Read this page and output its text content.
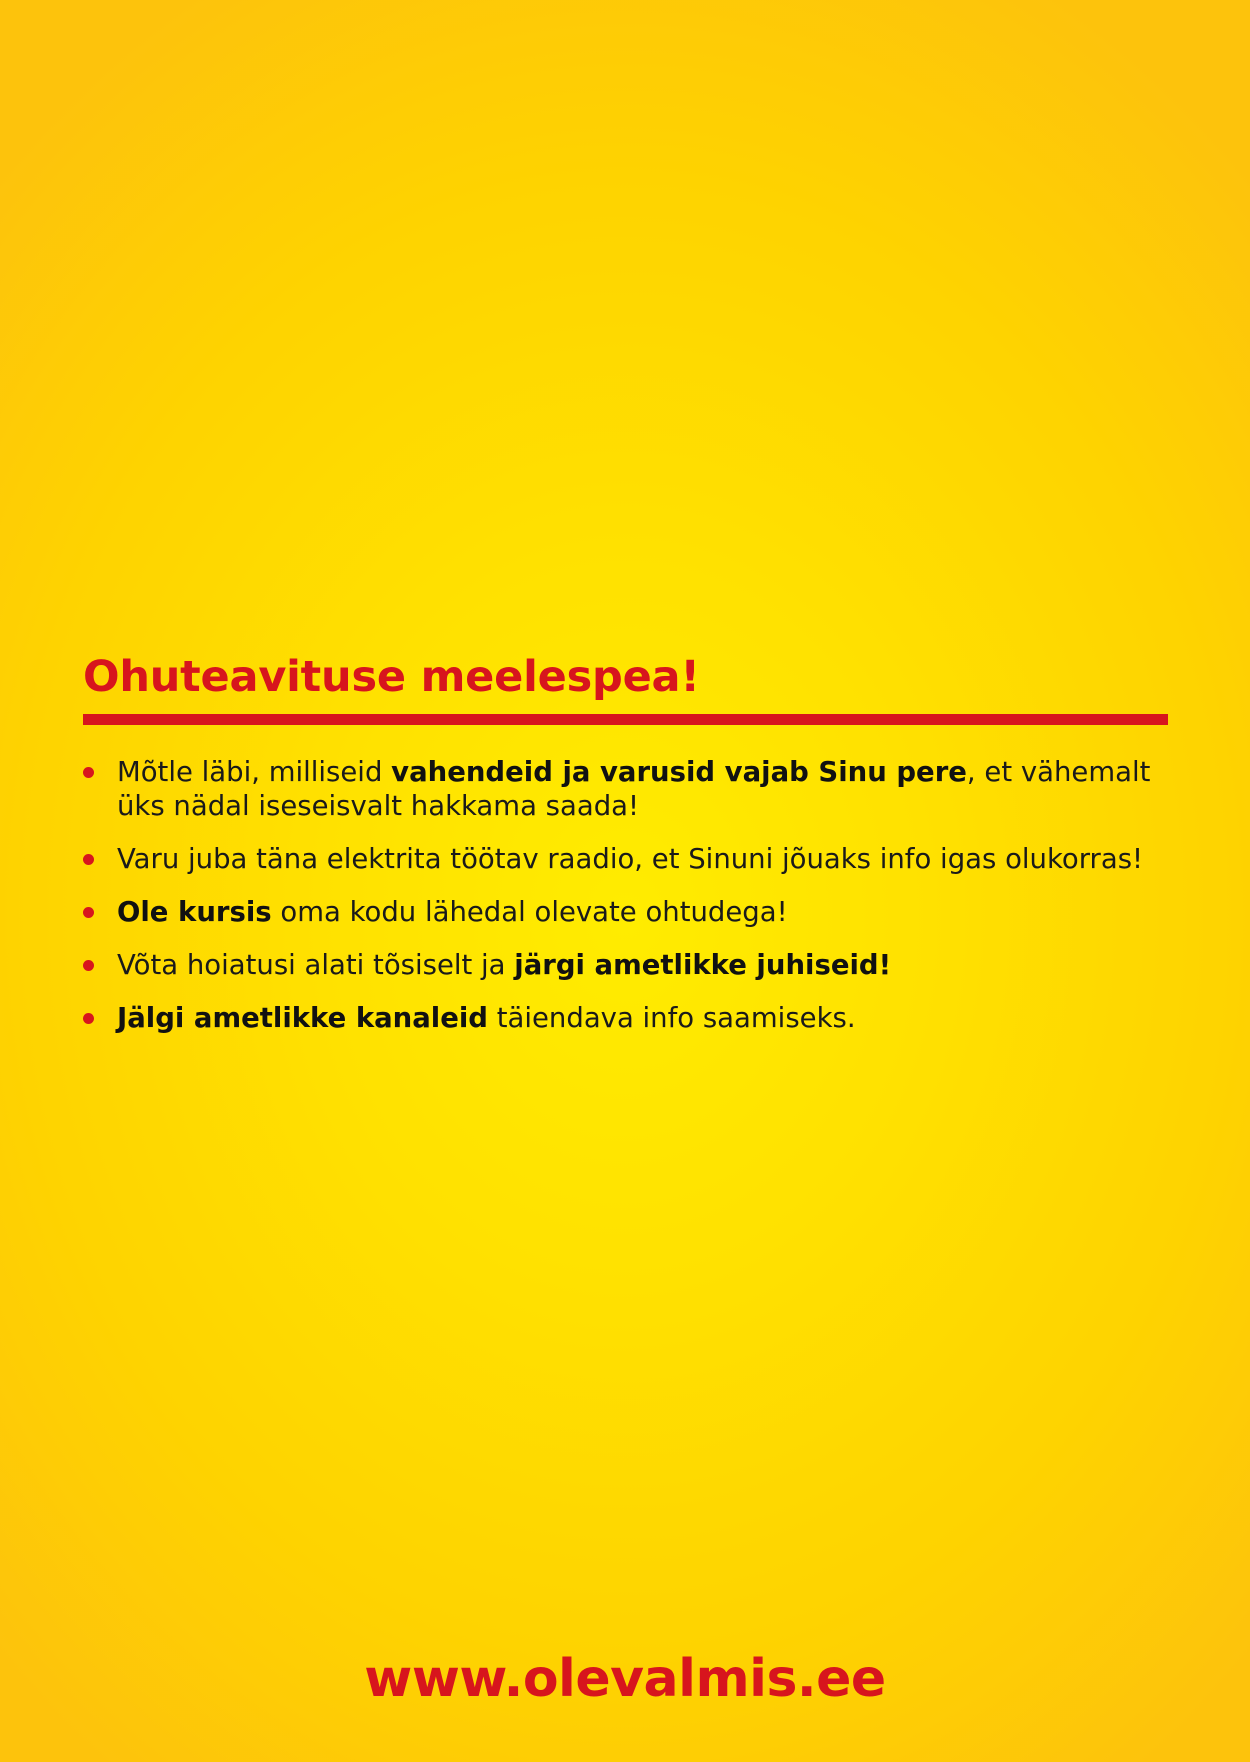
Ohuteavituse meelespea!
Mõtle läbi, milliseid vahendeid ja varusid vajab Sinu pere, et vähemalt
üks nädal iseseisvalt hakkama saada!
Varu juba täna elektrita töötav raadio, et Sinuni jõuaks info igas olukorras!
Ole kursis oma kodu lähedal olevate ohtudega!
Võta hoiatusi alati tõsiselt ja järgi ametlikke juhiseid!
Jälgi ametlikke kanaleid täiendava info saamiseks.
www.olevalmis.ee
